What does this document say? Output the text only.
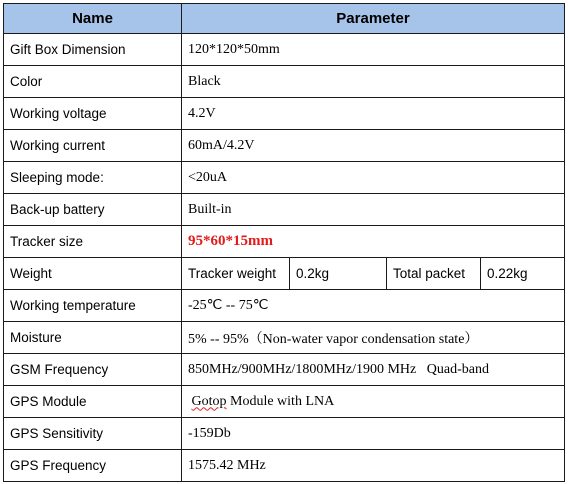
Name	Parameter
Gift Box Dimension	120*120*50mm
Color	Black
Working voltage	4.2V
Working current	60mA/4.2V
Sleeping mode:	<20uA
Back-up battery	Built-in
Tracker size	95*60*15mm
Weight		Tracker weight	0.2kg	Total packet	0.22kg

Working temperature	-25℃ -- 75℃
Moisture	5% -- 95%（Non-water vapor condensation state）
GSM Frequency	850MHz/900MHz/1800MHz/1900 MHz   Quad-band
GPS Module	Gotop Module with LNA
GPS Sensitivity	-159Db
GPS Frequency	1575.42 MHz
